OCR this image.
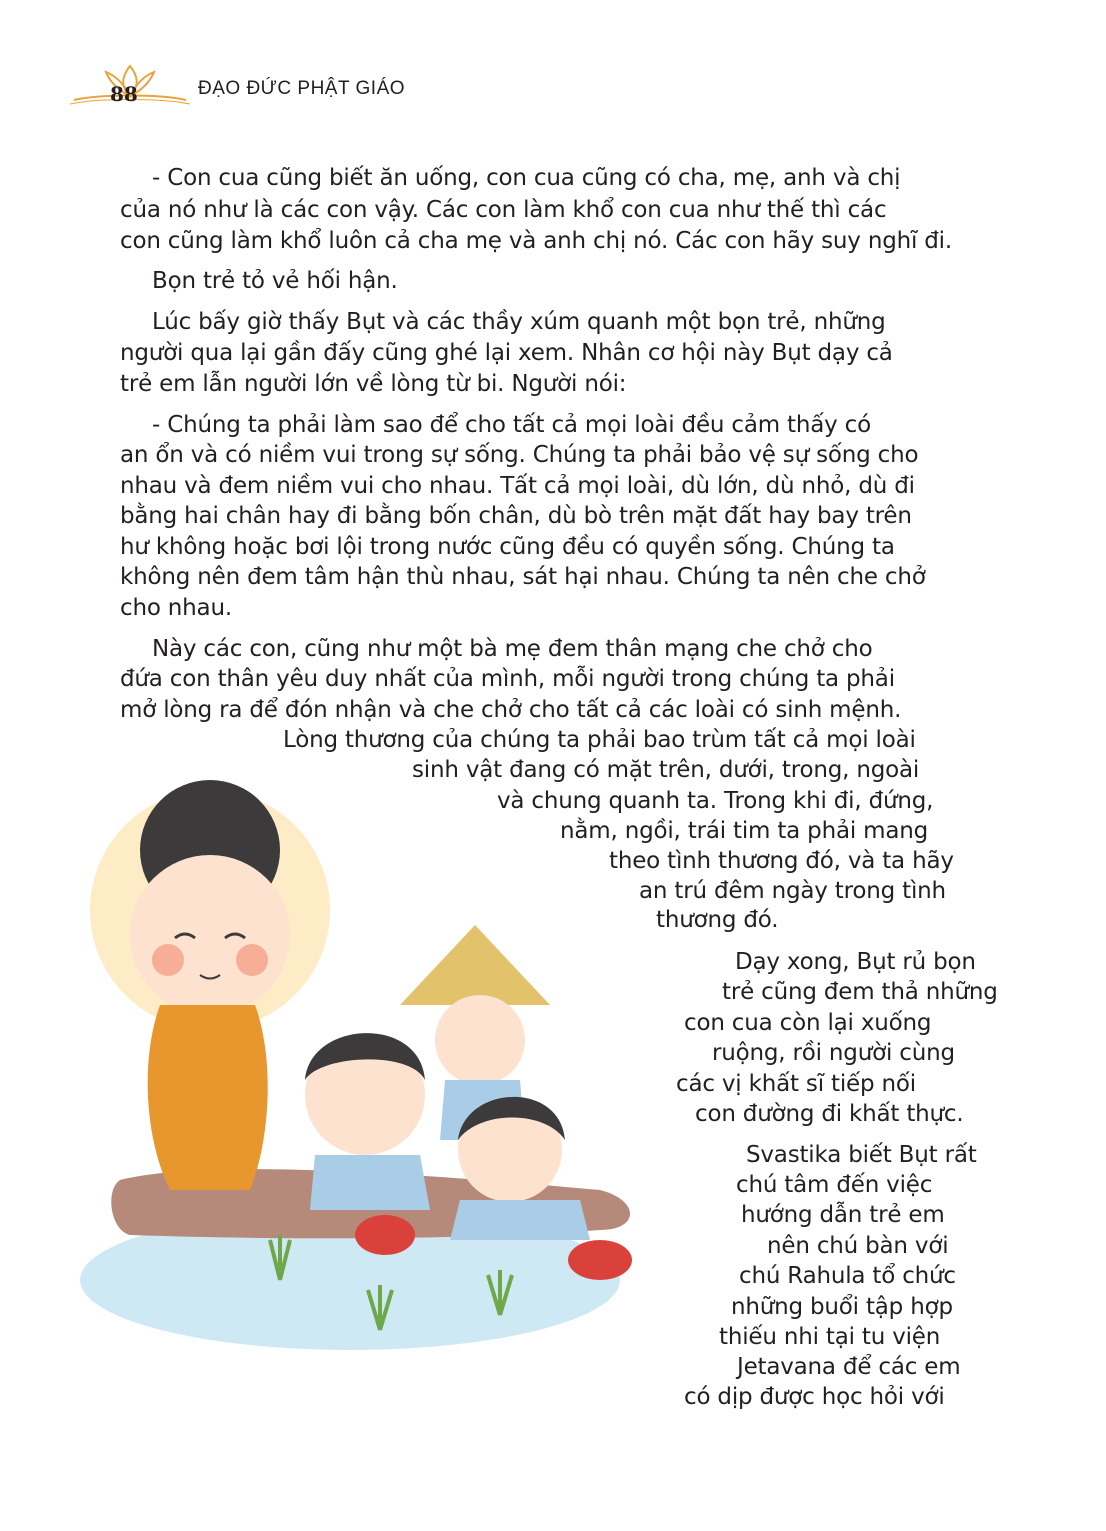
88	ĐẠO ĐỨC PHẬT GIÁO
- Con cua cũng biết ăn uống, con cua cũng có cha, mẹ, anh và chị
của nó như là các con vậy. Các con làm khổ con cua như thế thì các
con cũng làm khổ luôn cả cha mẹ và anh chị nó. Các con hãy suy nghĩ đi.
Bọn trẻ tỏ vẻ hối hận.
Lúc bấy giờ thấy Bụt và các thầy xúm quanh một bọn trẻ, những
người qua lại gần đấy cũng ghé lại xem. Nhân cơ hội này Bụt dạy cả
trẻ em lẫn người lớn về lòng từ bi. Người nói:
- Chúng ta phải làm sao để cho tất cả mọi loài đều cảm thấy có
an ổn và có niềm vui trong sự sống. Chúng ta phải bảo vệ sự sống cho
nhau và đem niềm vui cho nhau. Tất cả mọi loài, dù lớn, dù nhỏ, dù đi
bằng hai chân hay đi bằng bốn chân, dù bò trên mặt đất hay bay trên
hư không hoặc bơi lội trong nước cũng đều có quyền sống. Chúng ta
không nên đem tâm hận thù nhau, sát hại nhau. Chúng ta nên che chở
cho nhau.
Này các con, cũng như một bà mẹ đem thân mạng che chở cho
đứa con thân yêu duy nhất của mình, mỗi người trong chúng ta phải
mở lòng ra để đón nhận và che chở cho tất cả các loài có sinh mệnh.
Lòng thương của chúng ta phải bao trùm tất cả mọi loài
sinh vật đang có mặt trên, dưới, trong, ngoài
và chung quanh ta. Trong khi đi, đứng,
nằm, ngồi, trái tim ta phải mang
theo tình thương đó, và ta hãy
an trú đêm ngày trong tình
thương đó.
Dạy xong, Bụt rủ bọn
trẻ cũng đem thả những
con cua còn lại xuống
ruộng, rồi người cùng
các vị khất sĩ tiếp nối
con đường đi khất thực.
Svastika biết Bụt rất
chú tâm đến việc
hướng dẫn trẻ em
nên chú bàn với
chú Rahula tổ chức
những buổi tập hợp
thiếu nhi tại tu viện
Jetavana để các em
có dịp được học hỏi với
